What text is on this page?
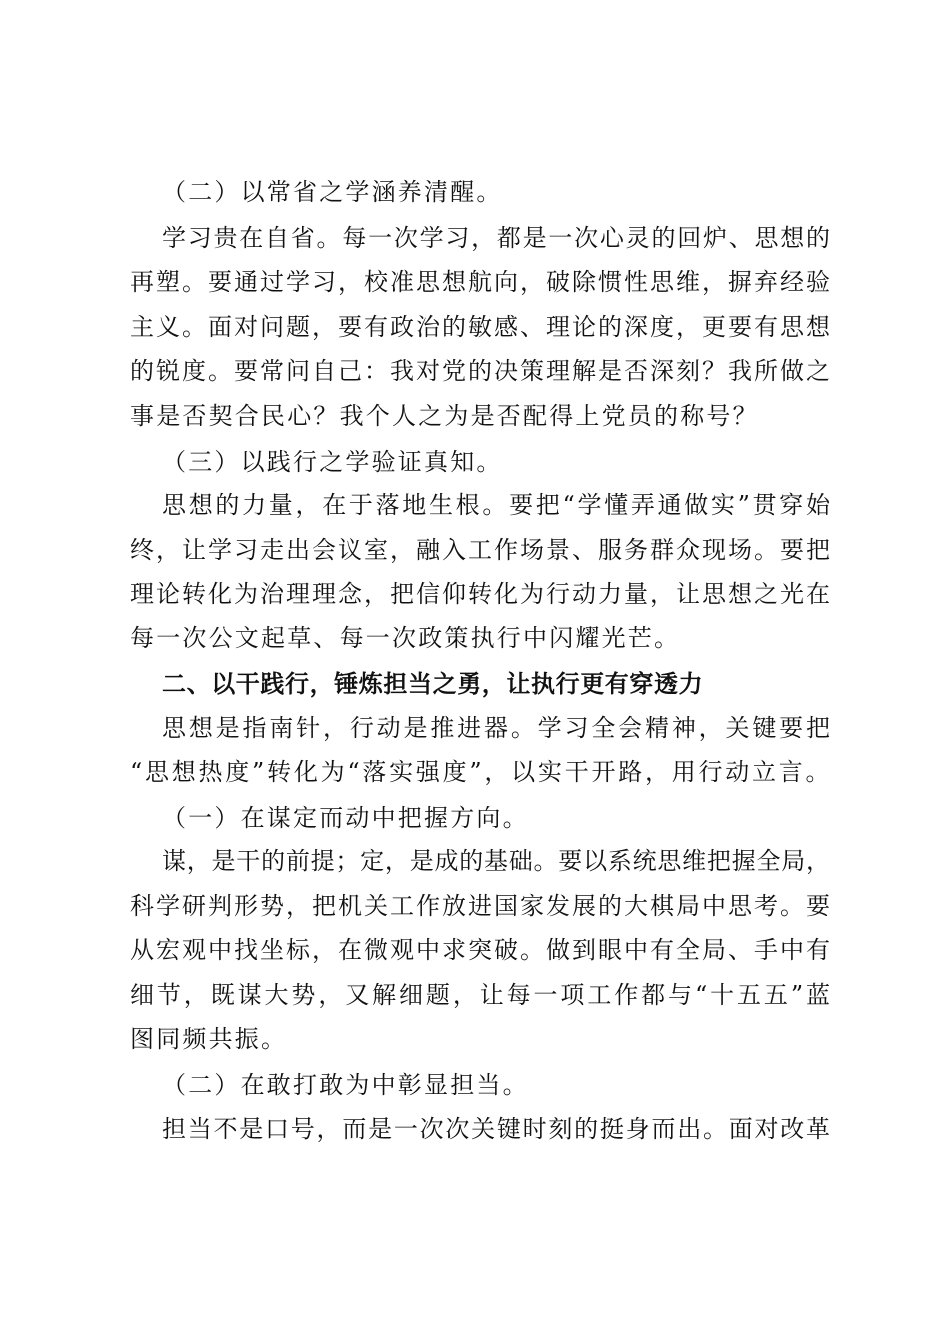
（二）以常省之学涵养清醒。
学习贵在自省。每一次学习，都是一次心灵的回炉、思想的
再塑。要通过学习，校准思想航向，破除惯性思维，摒弃经验
主义。面对问题，要有政治的敏感、理论的深度，更要有思想
的锐度。要常问自己：我对党的决策理解是否深刻？我所做之
事是否契合民心？我个人之为是否配得上党员的称号？
（三）以践行之学验证真知。
思想的力量，在于落地生根。要把“学懂弄通做实”贯穿始
终，让学习走出会议室，融入工作场景、服务群众现场。要把
理论转化为治理理念，把信仰转化为行动力量，让思想之光在
每一次公文起草、每一次政策执行中闪耀光芒。
二、以干践行，锤炼担当之勇，让执行更有穿透力
思想是指南针，行动是推进器。学习全会精神，关键要把
“思想热度”转化为“落实强度”，以实干开路，用行动立言。
（一）在谋定而动中把握方向。
谋，是干的前提；定，是成的基础。要以系统思维把握全局，
科学研判形势，把机关工作放进国家发展的大棋局中思考。要
从宏观中找坐标，在微观中求突破。做到眼中有全局、手中有
细节，既谋大势，又解细题，让每一项工作都与“十五五”蓝
图同频共振。
（二）在敢打敢为中彰显担当。
担当不是口号，而是一次次关键时刻的挺身而出。面对改革
